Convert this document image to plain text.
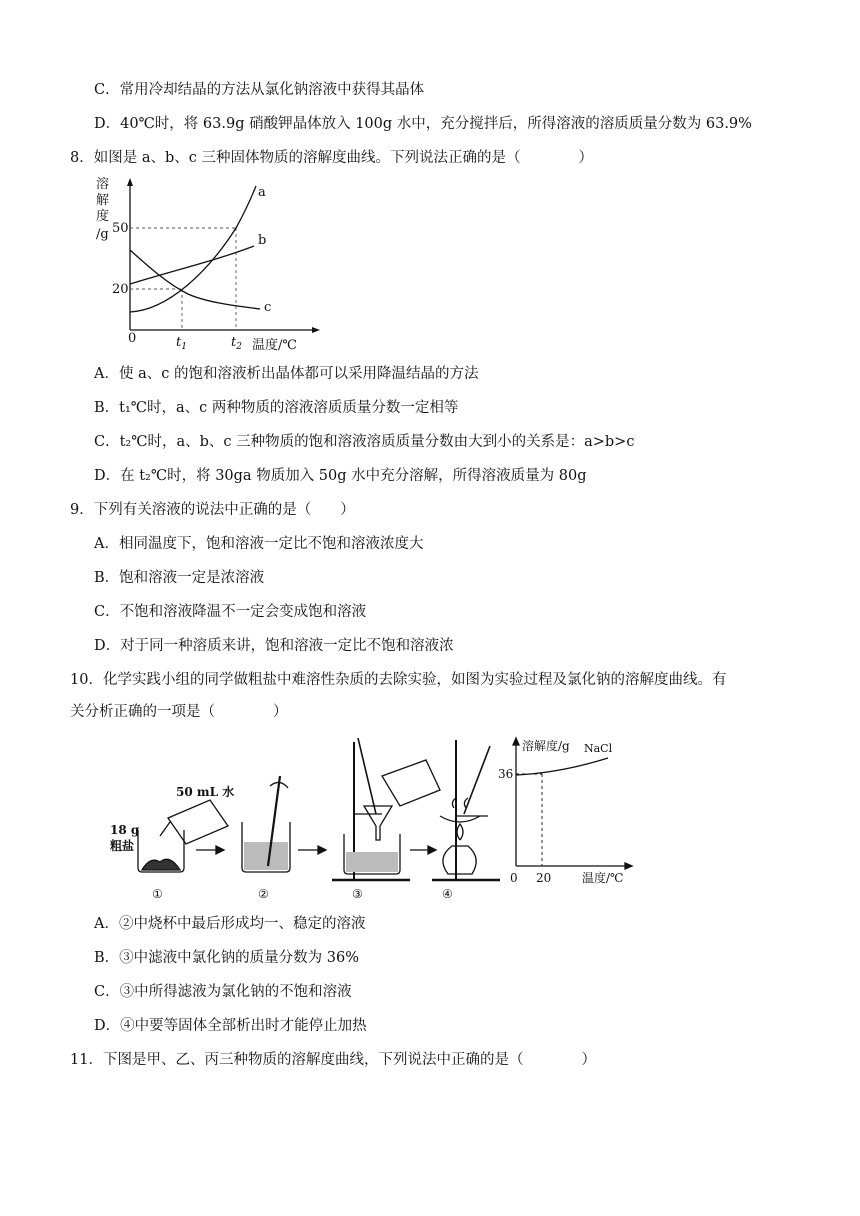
C．常用冷却结晶的方法从氯化钠溶液中获得其晶体
D．40℃时，将 63.9g 硝酸钾晶体放入 100g 水中，充分搅拌后，所得溶液的溶质质量分数为 63.9%
8．如图是 a、b、c 三种固体物质的溶解度曲线。下列说法正确的是（　　　　）
溶
解
度
/g 50
20
0	$t_1$	$t_2$ 温度/℃
a
b
c
A．使 a、c 的饱和溶液析出晶体都可以采用降温结晶的方法
B．t₁℃时，a、c 两种物质的溶液溶质质量分数一定相等
C．t₂℃时，a、b、c 三种物质的饱和溶液溶质质量分数由大到小的关系是：a>b>c
D．在 t₂℃时，将 30ga 物质加入 50g 水中充分溶解，所得溶液质量为 80g
9．下列有关溶液的说法中正确的是（　　）
A．相同温度下，饱和溶液一定比不饱和溶液浓度大
B．饱和溶液一定是浓溶液
C．不饱和溶液降温不一定会变成饱和溶液
D．对于同一种溶质来讲，饱和溶液一定比不饱和溶液浓
10．化学实践小组的同学做粗盐中难溶性杂质的去除实验，如图为实验过程及氯化钠的溶解度曲线。有
关分析正确的一项是（　　　　）
18 g
粗盐
50 mL 水
①	②	③	④
溶解度/g NaCl
36
0 20	温度/℃
A．②中烧杯中最后形成均一、稳定的溶液
B．③中滤液中氯化钠的质量分数为 36%
C．③中所得滤液为氯化钠的不饱和溶液
D．④中要等固体全部析出时才能停止加热
11．下图是甲、乙、丙三种物质的溶解度曲线，下列说法中正确的是（　　　　）
